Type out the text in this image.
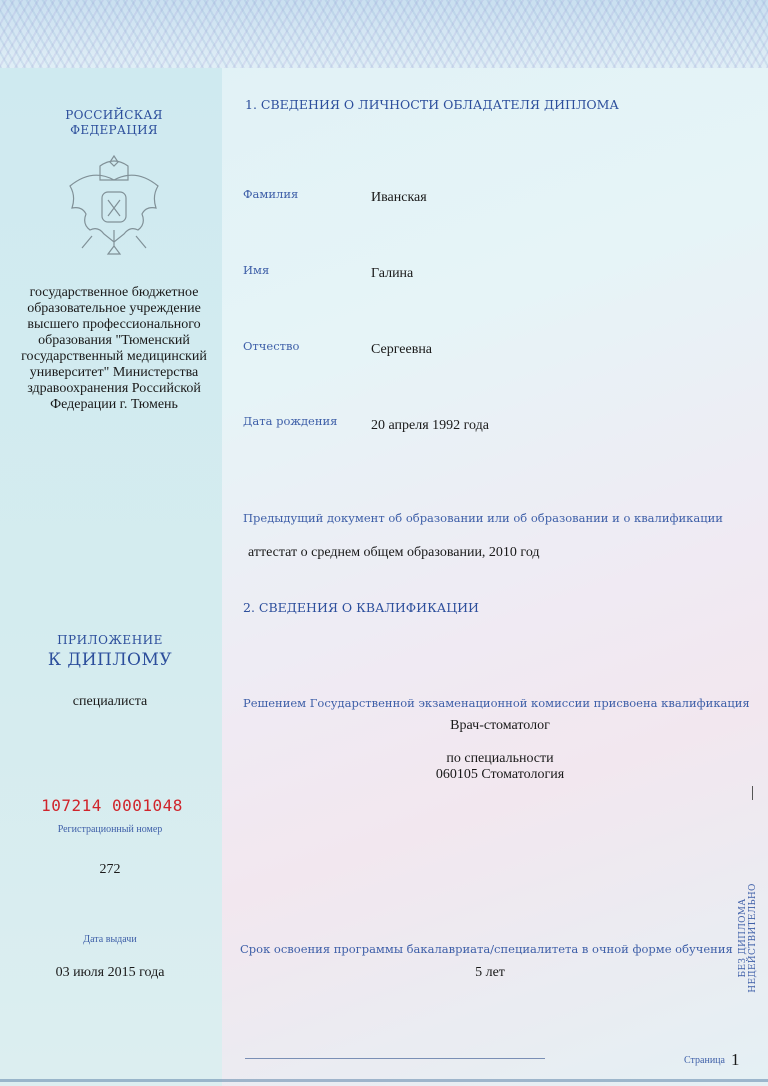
РОССИЙСКАЯ ФЕДЕРАЦИЯ
государственное бюджетное образовательное учреждение высшего профессионального образования "Тюменский государственный медицинский университет" Министерства здравоохранения Российской Федерации г. Тюмень
ПРИЛОЖЕНИЕ
К ДИПЛОМУ
специалиста
107214 0001048
Регистрационный номер
272
Дата выдачи
03 июля 2015 года
1. СВЕДЕНИЯ О ЛИЧНОСТИ ОБЛАДАТЕЛЯ ДИПЛОМА
Фамилия	Иванская
Имя	Галина
Отчество	Сергеевна
Дата рождения 20 апреля 1992 года
Предыдущий документ об образовании или об образовании и о квалификации
аттестат о среднем общем образовании, 2010 год
2. СВЕДЕНИЯ О КВАЛИФИКАЦИИ
Решением Государственной экзаменационной комиссии присвоена квалификация
Врач-стоматолог
по специальности
060105 Стоматология
Срок освоения программы бакалавриата/специалитета в очной форме обучения
5 лет	БЕЗ ДИПЛОМА НЕДЕЙСТВИТЕЛЬНО
Страница 1
